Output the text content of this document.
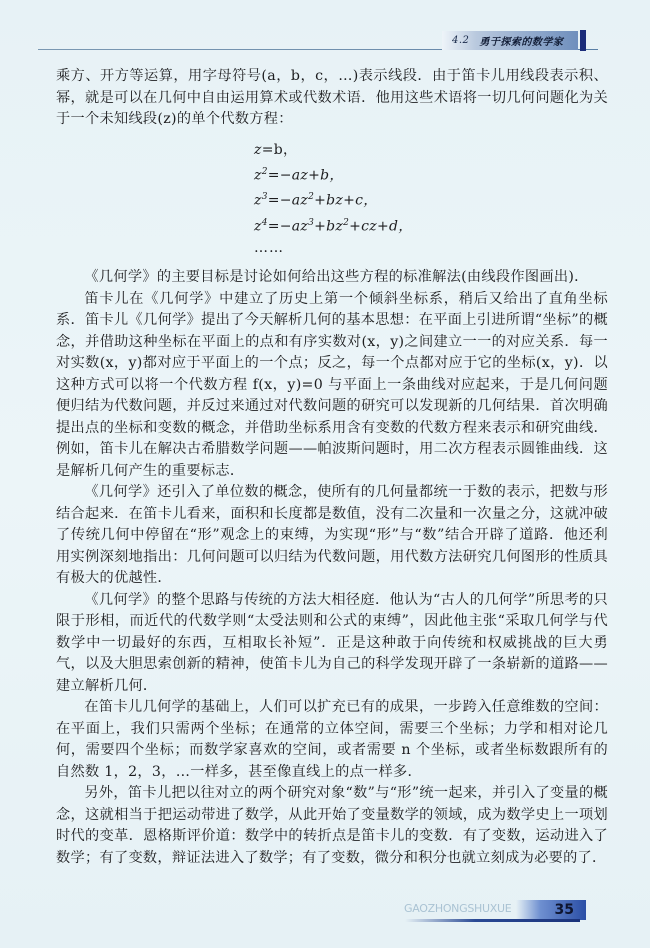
4.2 勇于探索的数学家

乘方、开方等运算，用字母符号(a，b，c，…)表示线段．由于笛卡儿用线段表示积、幂，就是可以在几何中自由运用算术或代数术语．他用这些术语将一切几何问题化为关于一个未知线段(z)的单个代数方程：

z=b，
$z^2=-az+b$，
$z^3=-az^2+bz+c$，
$z^4=-az^3+bz^2+cz+d$，
……

《几何学》的主要目标是讨论如何给出这些方程的标准解法(由线段作图画出)．

笛卡儿在《几何学》中建立了历史上第一个倾斜坐标系，稍后又给出了直角坐标系．笛卡儿《几何学》提出了今天解析几何的基本思想：在平面上引进所谓“坐标”的概念，并借助这种坐标在平面上的点和有序实数对(x，y)之间建立一一的对应关系．每一对实数(x，y)都对应于平面上的一个点；反之，每一个点都对应于它的坐标(x，y)．以这种方式可以将一个代数方程 f(x，y)=0 与平面上一条曲线对应起来，于是几何问题便归结为代数问题，并反过来通过对代数问题的研究可以发现新的几何结果．首次明确提出点的坐标和变数的概念，并借助坐标系用含有变数的代数方程来表示和研究曲线．例如，笛卡儿在解决古希腊数学问题——帕波斯问题时，用二次方程表示圆锥曲线．这是解析几何产生的重要标志．

《几何学》还引入了单位数的概念，使所有的几何量都统一于数的表示，把数与形结合起来．在笛卡儿看来，面积和长度都是数值，没有二次量和一次量之分，这就冲破了传统几何中停留在“形”观念上的束缚，为实现“形”与“数”结合开辟了道路．他还利用实例深刻地指出：几何问题可以归结为代数问题，用代数方法研究几何图形的性质具有极大的优越性．

《几何学》的整个思路与传统的方法大相径庭．他认为“古人的几何学”所思考的只限于形相，而近代的代数学则“太受法则和公式的束缚”，因此他主张“采取几何学与代数学中一切最好的东西，互相取长补短”．正是这种敢于向传统和权威挑战的巨大勇气，以及大胆思索创新的精神，使笛卡儿为自己的科学发现开辟了一条崭新的道路——建立解析几何．

在笛卡儿几何学的基础上，人们可以扩充已有的成果，一步跨入任意维数的空间：在平面上，我们只需两个坐标；在通常的立体空间，需要三个坐标；力学和相对论几何，需要四个坐标；而数学家喜欢的空间，或者需要 n 个坐标，或者坐标数跟所有的自然数 1，2，3，…一样多，甚至像直线上的点一样多．

另外，笛卡儿把以往对立的两个研究对象“数”与“形”统一起来，并引入了变量的概念，这就相当于把运动带进了数学，从此开始了变量数学的领域，成为数学史上一项划时代的变革．恩格斯评价道：数学中的转折点是笛卡儿的变数．有了变数，运动进入了数学；有了变数，辩证法进入了数学；有了变数，微分和积分也就立刻成为必要的了．

GAOZHONGSHUXUE	35
